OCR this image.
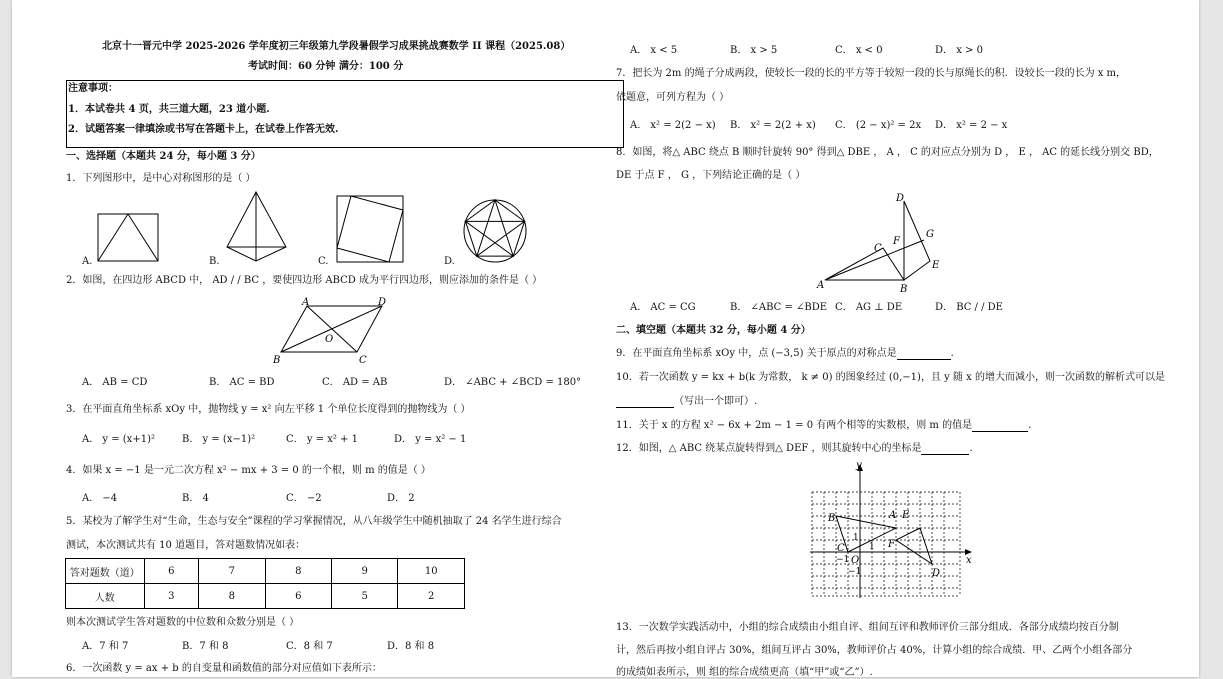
北京十一晋元中学 2025-2026 学年度初三年级第九学段暑假学习成果挑战赛数学 II 课程（2025.08）
考试时间：60 分钟 满分：100 分
注意事项：
1．本试卷共 4 页，共三道大题，23 道小题.
2．试题答案一律填涂或书写在答题卡上，在试卷上作答无效.
一、选择题（本题共 24 分，每小题 3 分）
1．下列图形中，是中心对称图形的是（ ）
A.	B.	C.	D.
2．如图，在四边形 ABCD 中， AD / / BC ，要使四边形 ABCD 成为平行四边形，则应添加的条件是（ ）
A	D
B	C
O
A． AB = CD	B． AC = BD	C． AD = AB	D． ∠ABC + ∠BCD = 180°
3．在平面直角坐标系 xOy 中，抛物线 y = x² 向左平移 1 个单位长度得到的抛物线为（ ）
A． y = (x+1)²	B． y = (x−1)²	C． y = x² + 1	D． y = x² − 1
4．如果 x = −1 是一元二次方程 x² − mx + 3 = 0 的一个根，则 m 的值是（ ）
A． −4	B． 4	C． −2	D． 2
5．某校为了解学生对“生命，生态与安全”课程的学习掌握情况，从八年级学生中随机抽取了 24 名学生进行综合
测试，本次测试共有 10 道题目，答对题数情况如表：
答对题数（道）	6	7	8	9	10
人数	3	8	6	5	2
则本次测试学生答对题数的中位数和众数分别是（ ）
A．7 和 7	B．7 和 8	C．8 和 7	D．8 和 8
6．一次函数 y = ax + b 的自变量和函数值的部分对应值如下表所示：
A． x < 5	B． x > 5	C． x < 0	D． x > 0
7．把长为 2m 的绳子分成两段，使较长一段的长的平方等于较短一段的长与原绳长的积．设较长一段的长为 x m，
依题意，可列方程为（ ）
A． x² = 2(2 − x) B． x² = 2(2 + x) C． (2 − x)² = 2x D． x² = 2 − x
8．如图，将△ ABC 绕点 B 顺时针旋转 90° 得到△ DBE ， A ， C 的对应点分别为 D ， E ， AC 的延长线分别交 BD，
DE 于点 F ， G ，下列结论正确的是（ ）
A	B
C
D
E
F
G
A． AC = CG	B． ∠ABC = ∠BDE C． AG ⊥ DE	D． BC / / DE
二、填空题（本题共 32 分，每小题 4 分）
9．在平面直角坐标系 xOy 中，点 (−3,5) 关于原点的对称点是	.
10．若一次函数 y = kx + b(k 为常数， k ≠ 0) 的图象经过 (0,−1)，且 y 随 x 的增大而减小，则一次函数的解析式可以是
（写出一个即可）.
11．关于 x 的方程 x² − 6x + 2m − 1 = 0 有两个相等的实数根，则 m 的值是	.
12．如图，△ ABC 绕某点旋转得到△ DEF ，则其旋转中心的坐标是	.
y
x
O
B	A E
C	F
D
1
1
−1
−1
13．一次数学实践活动中，小组的综合成绩由小组自评、组间互评和教师评价三部分组成．各部分成绩均按百分制
计，然后再按小组自评占 30%，组间互评占 30%，教师评价占 40%，计算小组的综合成绩．甲、乙两个小组各部分
的成绩如表所示，则 组的综合成绩更高（填“甲”或“乙”）.
